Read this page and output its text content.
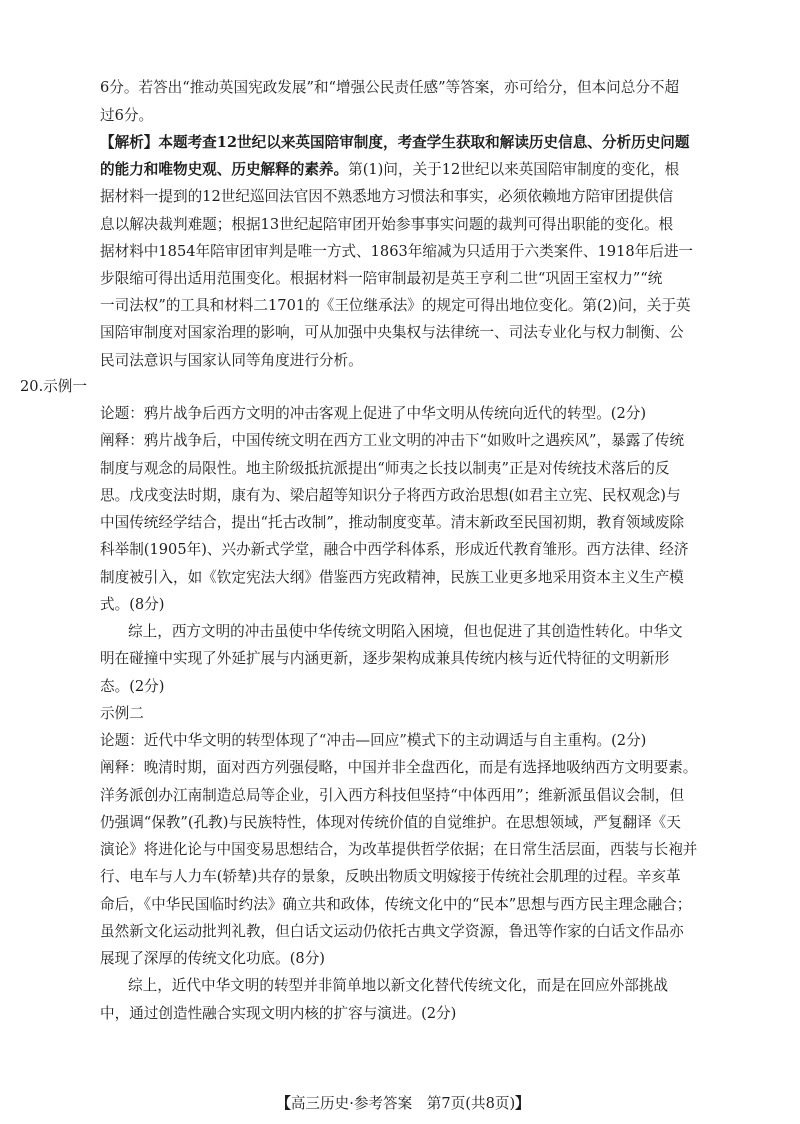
6分。若答出“推动英国宪政发展”和“增强公民责任感”等答案，亦可给分，但本问总分不超
过6分。
【解析】本题考查12世纪以来英国陪审制度，考查学生获取和解读历史信息、分析历史问题
的能力和唯物史观、历史解释的素养。第(1)问，关于12世纪以来英国陪审制度的变化，根
据材料一提到的12世纪巡回法官因不熟悉地方习惯法和事实，必须依赖地方陪审团提供信
息以解决裁判难题；根据13世纪起陪审团开始参事事实问题的裁判可得出职能的变化。根
据材料中1854年陪审团审判是唯一方式、1863年缩减为只适用于六类案件、1918年后进一
步限缩可得出适用范围变化。根据材料一陪审制最初是英王亨利二世“巩固王室权力”“统
一司法权”的工具和材料二1701的《王位继承法》的规定可得出地位变化。第(2)问，关于英
国陪审制度对国家治理的影响，可从加强中央集权与法律统一、司法专业化与权力制衡、公
民司法意识与国家认同等角度进行分析。
20.示例一
论题：鸦片战争后西方文明的冲击客观上促进了中华文明从传统向近代的转型。(2分)
阐释：鸦片战争后，中国传统文明在西方工业文明的冲击下“如败叶之遇疾风”，暴露了传统
制度与观念的局限性。地主阶级抵抗派提出“师夷之长技以制夷”正是对传统技术落后的反
思。戊戌变法时期，康有为、梁启超等知识分子将西方政治思想(如君主立宪、民权观念)与
中国传统经学结合，提出“托古改制”，推动制度变革。清末新政至民国初期，教育领域废除
科举制(1905年)、兴办新式学堂，融合中西学科体系，形成近代教育雏形。西方法律、经济
制度被引入，如《钦定宪法大纲》借鉴西方宪政精神，民族工业更多地采用资本主义生产模
式。(8分)
综上，西方文明的冲击虽使中华传统文明陷入困境，但也促进了其创造性转化。中华文
明在碰撞中实现了外延扩展与内涵更新，逐步架构成兼具传统内核与近代特征的文明新形
态。(2分)
示例二
论题：近代中华文明的转型体现了“冲击—回应”模式下的主动调适与自主重构。(2分)
阐释：晚清时期，面对西方列强侵略，中国并非全盘西化，而是有选择地吸纳西方文明要素。
洋务派创办江南制造总局等企业，引入西方科技但坚持“中体西用”；维新派虽倡议会制，但
仍强调“保教”(孔教)与民族特性，体现对传统价值的自觉维护。在思想领域，严复翻译《天
演论》将进化论与中国变易思想结合，为改革提供哲学依据；在日常生活层面，西装与长袍并
行、电车与人力车(轿辇)共存的景象，反映出物质文明嫁接于传统社会肌理的过程。辛亥革
命后，《中华民国临时约法》确立共和政体，传统文化中的“民本”思想与西方民主理念融合；
虽然新文化运动批判礼教，但白话文运动仍依托古典文学资源，鲁迅等作家的白话文作品亦
展现了深厚的传统文化功底。(8分)
综上，近代中华文明的转型并非简单地以新文化替代传统文化，而是在回应外部挑战
中，通过创造性融合实现文明内核的扩容与演进。(2分)
【高三历史·参考答案　第7页(共8页)】
